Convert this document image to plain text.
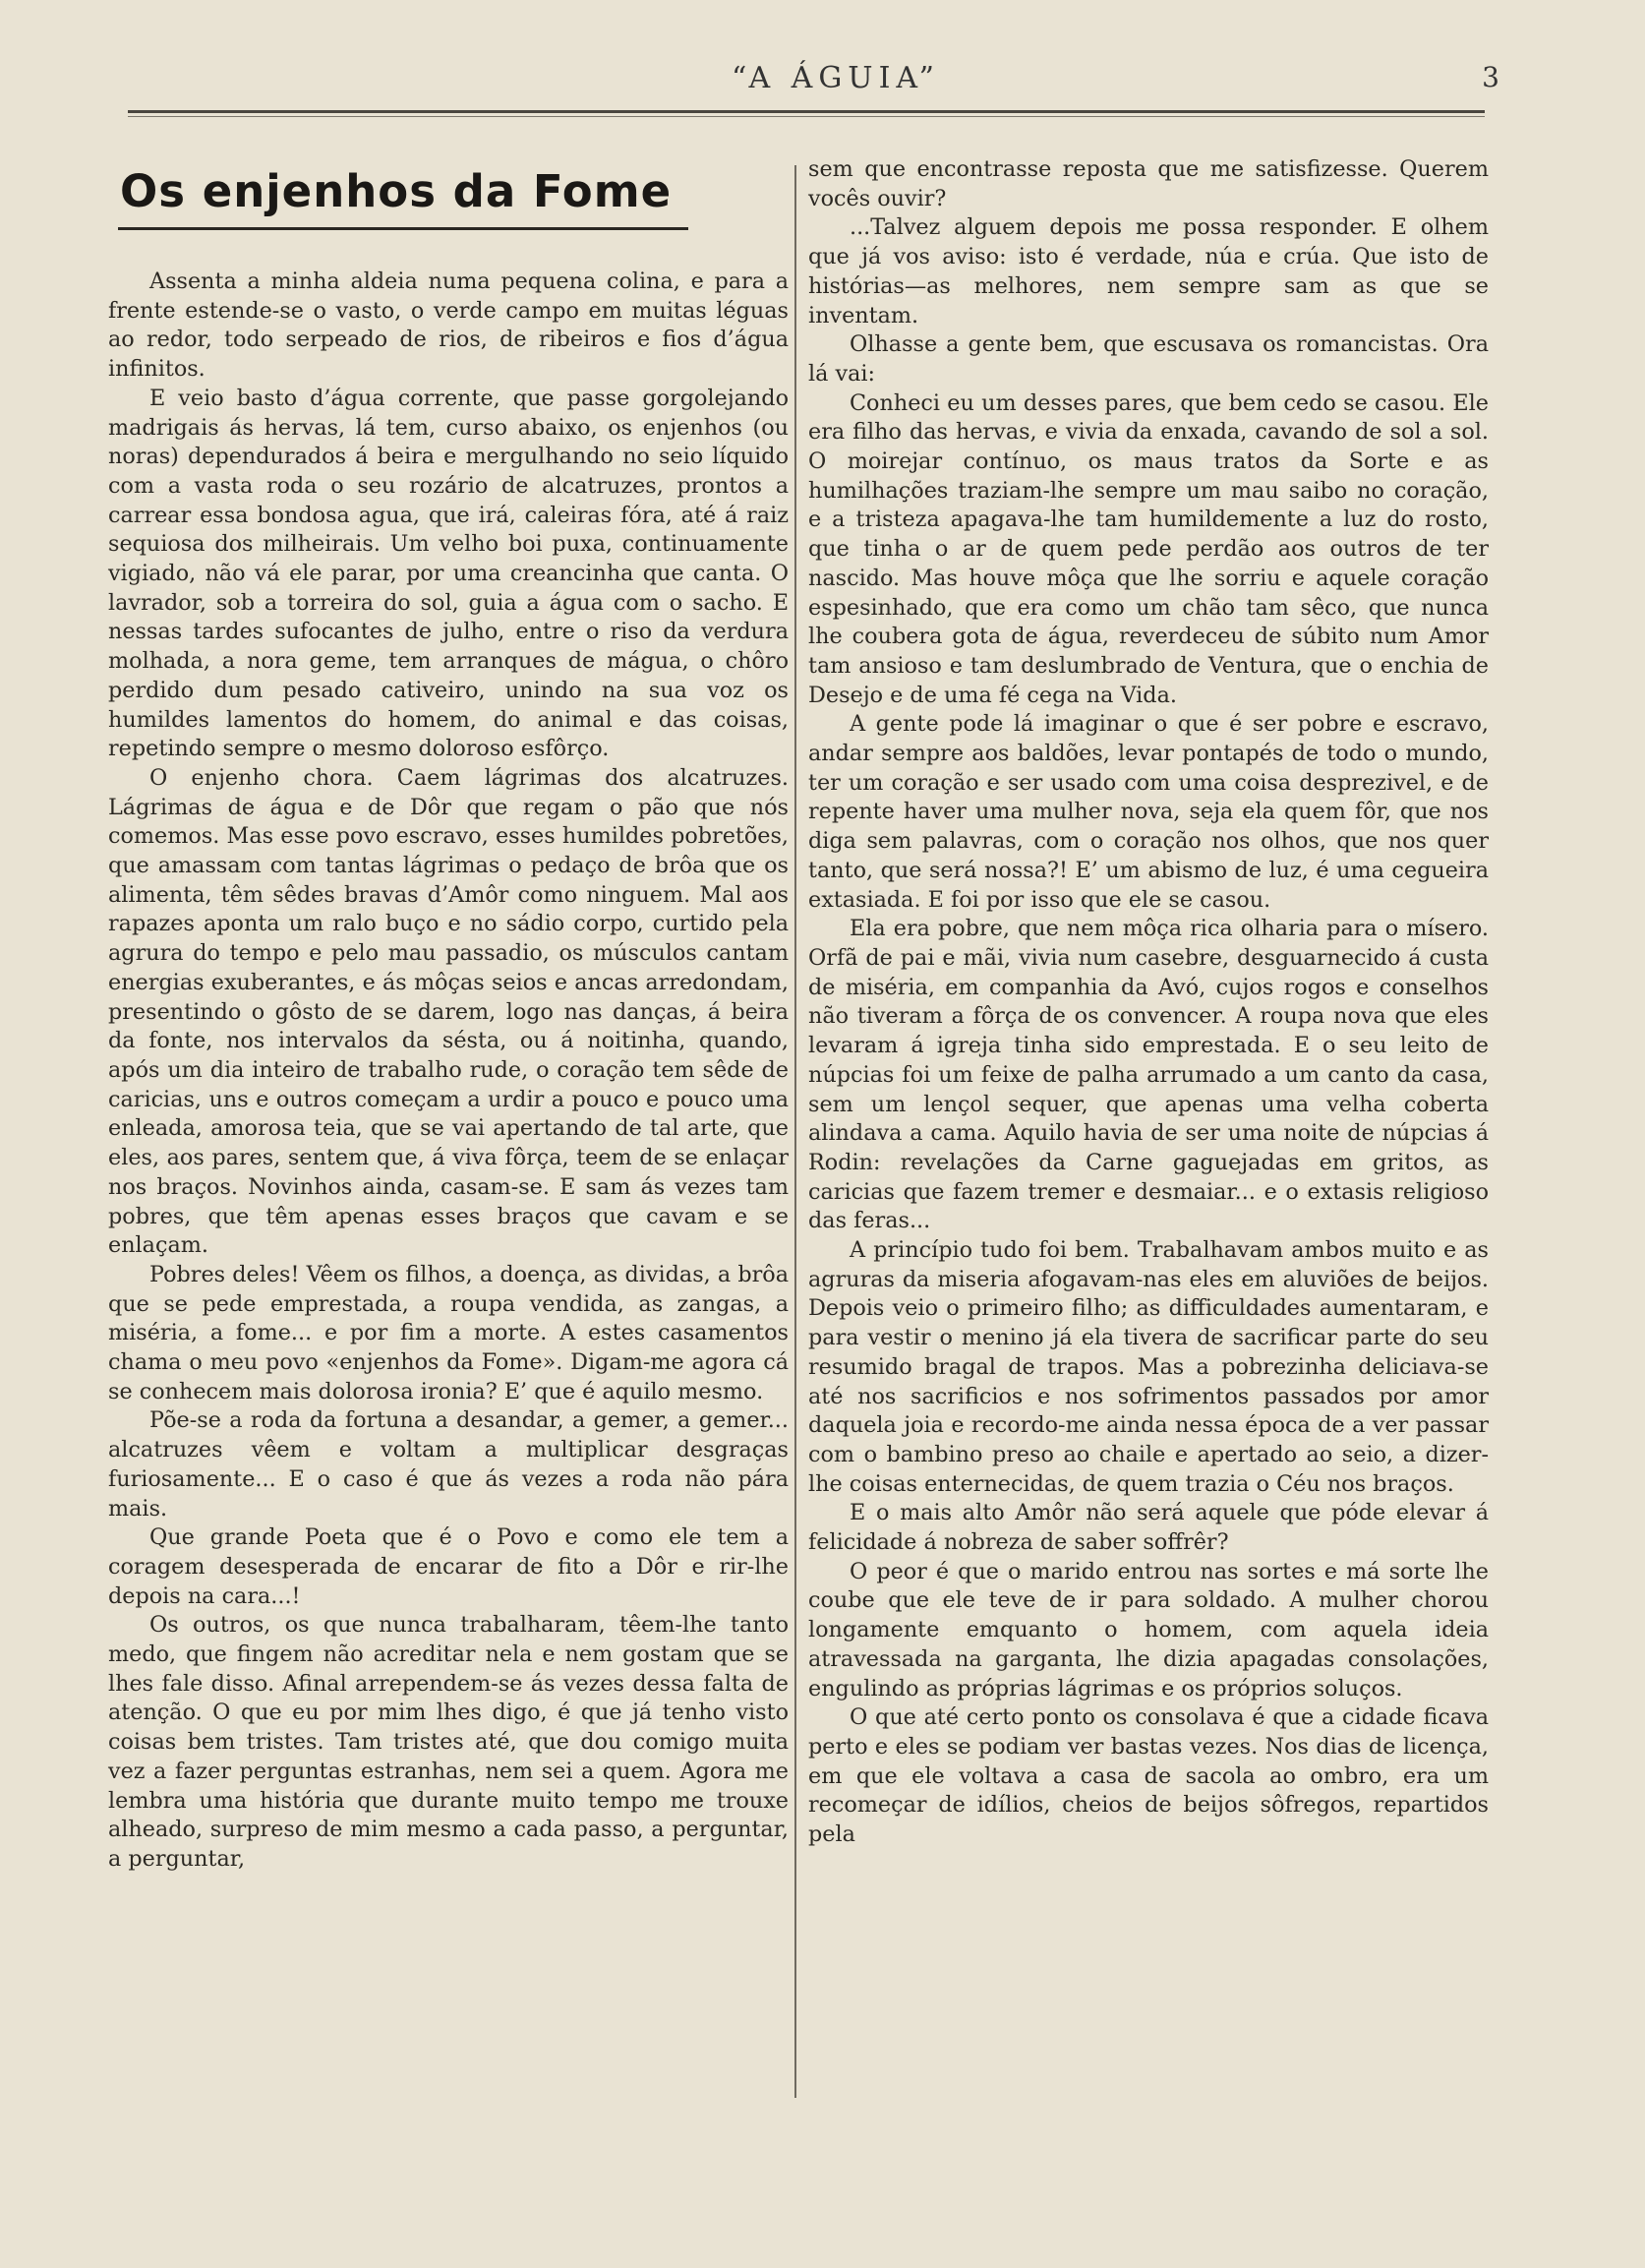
“A ÁGUIA”	3
Os enjenhos da Fome

Assenta a minha aldeia numa pequena colina, e para a frente estende-se o vasto, o verde campo em muitas léguas ao redor, todo serpeado de rios, de ribeiros e fios d’água infinitos.

E veio basto d’água corrente, que passe gorgolejando madrigais ás hervas, lá tem, curso abaixo, os enjenhos (ou noras) dependurados á beira e mergulhando no seio líquido com a vasta roda o seu rozário de alcatruzes, prontos a carrear essa bondosa agua, que irá, caleiras fóra, até á raiz sequiosa dos milheirais. Um velho boi puxa, continuamente vigiado, não vá ele parar, por uma creancinha que canta. O lavrador, sob a torreira do sol, guia a água com o sacho. E nessas tardes sufocantes de julho, entre o riso da verdura molhada, a nora geme, tem arranques de mágua, o chôro perdido dum pesado cativeiro, unindo na sua voz os humildes lamentos do homem, do animal e das coisas, repetindo sempre o mesmo doloroso esfôrço.

O enjenho chora. Caem lágrimas dos alcatruzes. Lágrimas de água e de Dôr que regam o pão que nós comemos. Mas esse povo escravo, esses humildes pobretões, que amassam com tantas lágrimas o pedaço de brôa que os alimenta, têm sêdes bravas d’Amôr como ninguem. Mal aos rapazes aponta um ralo buço e no sádio corpo, curtido pela agrura do tempo e pelo mau passadio, os músculos cantam energias exuberantes, e ás môças seios e ancas arredondam, presentindo o gôsto de se darem, logo nas danças, á beira da fonte, nos intervalos da sésta, ou á noitinha, quando, após um dia inteiro de trabalho rude, o coração tem sêde de caricias, uns e outros começam a urdir a pouco e pouco uma enleada, amorosa teia, que se vai apertando de tal arte, que eles, aos pares, sentem que, á viva fôrça, teem de se enlaçar nos braços. Novinhos ainda, casam-se. E sam ás vezes tam pobres, que têm apenas esses braços que cavam e se enlaçam.

Pobres deles! Vêem os filhos, a doença, as dividas, a brôa que se pede emprestada, a roupa vendida, as zangas, a miséria, a fome... e por fim a morte. A estes casamentos chama o meu povo «enjenhos da Fome». Digam-me agora cá se conhecem mais dolorosa ironia? E’ que é aquilo mesmo.

Põe-se a roda da fortuna a desandar, a gemer, a gemer... alcatruzes vêem e voltam a multiplicar desgraças furiosamente... E o caso é que ás vezes a roda não pára mais.

Que grande Poeta que é o Povo e como ele tem a coragem desesperada de encarar de fito a Dôr e rir-lhe depois na cara...!

Os outros, os que nunca trabalharam, têem-lhe tanto medo, que fingem não acreditar nela e nem gostam que se lhes fale disso. Afinal arrependem-se ás vezes dessa falta de atenção. O que eu por mim lhes digo, é que já tenho visto coisas bem tristes. Tam tristes até, que dou comigo muita vez a fazer perguntas estranhas, nem sei a quem. Agora me lembra uma história que durante muito tempo me trouxe alheado, surpreso de mim mesmo a cada passo, a perguntar, a perguntar,

sem que encontrasse reposta que me satisfizesse. Querem vocês ouvir?

...Talvez alguem depois me possa responder. E olhem que já vos aviso: isto é verdade, núa e crúa. Que isto de histórias—as melhores, nem sempre sam as que se inventam.

Olhasse a gente bem, que escusava os romancistas. Ora lá vai:

Conheci eu um desses pares, que bem cedo se casou. Ele era filho das hervas, e vivia da enxada, cavando de sol a sol. O moirejar contínuo, os maus tratos da Sorte e as humilhações traziam-lhe sempre um mau saibo no coração, e a tristeza apagava-lhe tam humildemente a luz do rosto, que tinha o ar de quem pede perdão aos outros de ter nascido. Mas houve môça que lhe sorriu e aquele coração espesinhado, que era como um chão tam sêco, que nunca lhe coubera gota de água, reverdeceu de súbito num Amor tam ansioso e tam deslumbrado de Ventura, que o enchia de Desejo e de uma fé cega na Vida.

A gente pode lá imaginar o que é ser pobre e escravo, andar sempre aos baldões, levar pontapés de todo o mundo, ter um coração e ser usado com uma coisa desprezivel, e de repente haver uma mulher nova, seja ela quem fôr, que nos diga sem palavras, com o coração nos olhos, que nos quer tanto, que será nossa?! E’ um abismo de luz, é uma cegueira extasiada. E foi por isso que ele se casou.

Ela era pobre, que nem môça rica olharia para o mísero. Orfã de pai e mãi, vivia num casebre, desguarnecido á custa de miséria, em companhia da Avó, cujos rogos e conselhos não tiveram a fôrça de os convencer. A roupa nova que eles levaram á igreja tinha sido emprestada. E o seu leito de núpcias foi um feixe de palha arrumado a um canto da casa, sem um lençol sequer, que apenas uma velha coberta alindava a cama. Aquilo havia de ser uma noite de núpcias á Rodin: revelações da Carne gaguejadas em gritos, as caricias que fazem tremer e desmaiar... e o extasis religioso das feras...

A princípio tudo foi bem. Trabalhavam ambos muito e as agruras da miseria afogavam-nas eles em aluviões de beijos. Depois veio o primeiro filho; as difficuldades aumentaram, e para vestir o menino já ela tivera de sacrificar parte do seu resumido bragal de trapos. Mas a pobrezinha deliciava-se até nos sacrificios e nos sofrimentos passados por amor daquela joia e recordo-me ainda nessa época de a ver passar com o bambino preso ao chaile e apertado ao seio, a dizer-lhe coisas enternecidas, de quem trazia o Céu nos braços.

E o mais alto Amôr não será aquele que póde elevar á felicidade á nobreza de saber soffrêr?

O peor é que o marido entrou nas sortes e má sorte lhe coube que ele teve de ir para soldado. A mulher chorou longamente emquanto o homem, com aquela ideia atravessada na garganta, lhe dizia apagadas consolações, engulindo as próprias lágrimas e os próprios soluços.

O que até certo ponto os consolava é que a cidade ficava perto e eles se podiam ver bastas vezes. Nos dias de licença, em que ele voltava a casa de sacola ao ombro, era um recomeçar de idílios, cheios de beijos sôfregos, repartidos pela
